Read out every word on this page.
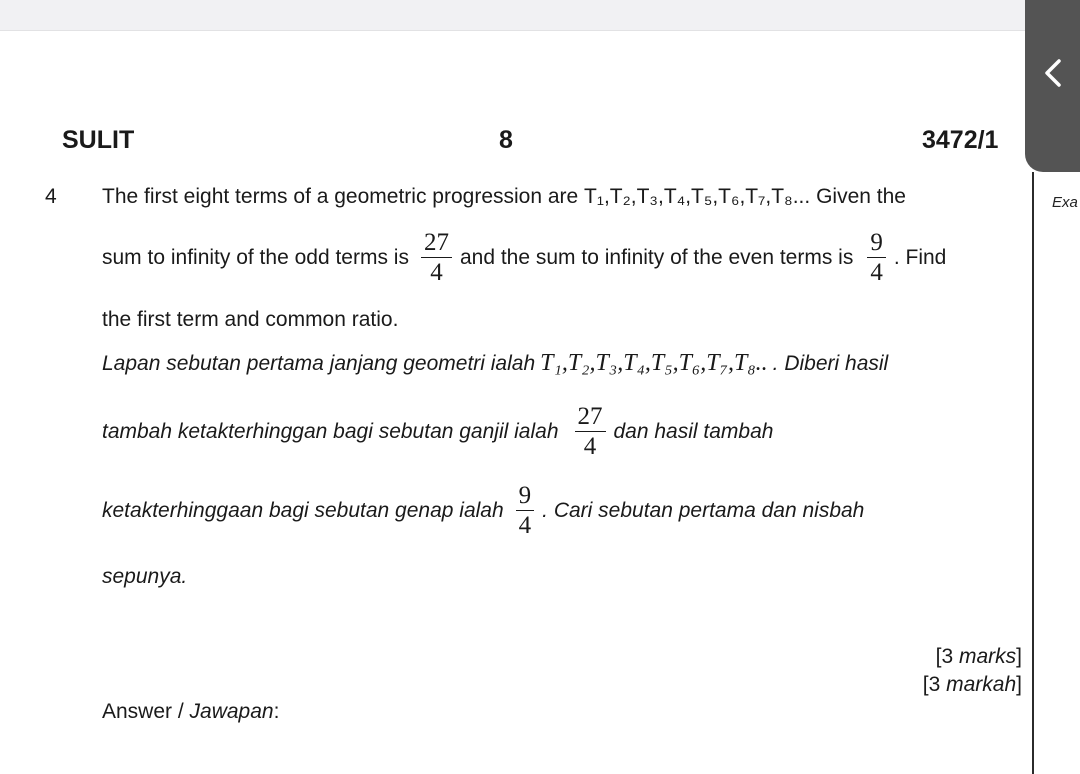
Exa
SULIT	8	3472/1
4 The first eight terms of a geometric progression are T₁,T₂,T₃,T₄,T₅,T₆,T₇,T₈... Given the
sum to infinity of the odd terms is $\frac{27}{4}$ and the sum to infinity of the even terms is $\frac{9}{4}$ . Find
the first term and common ratio.
Lapan sebutan pertama janjang geometri ialah T₁,T₂,T₃,T₄,T₅,T₆,T₇,T₈.. . Diberi hasil
tambah ketakterhinggan bagi sebutan ganjil ialah $\frac{27}{4}$ dan hasil tambah
ketakterhinggaan bagi sebutan genap ialah $\frac{9}{4}$ . Cari sebutan pertama dan nisbah
sepunya.
[3 marks]
[3 markah]
Answer / Jawapan :
